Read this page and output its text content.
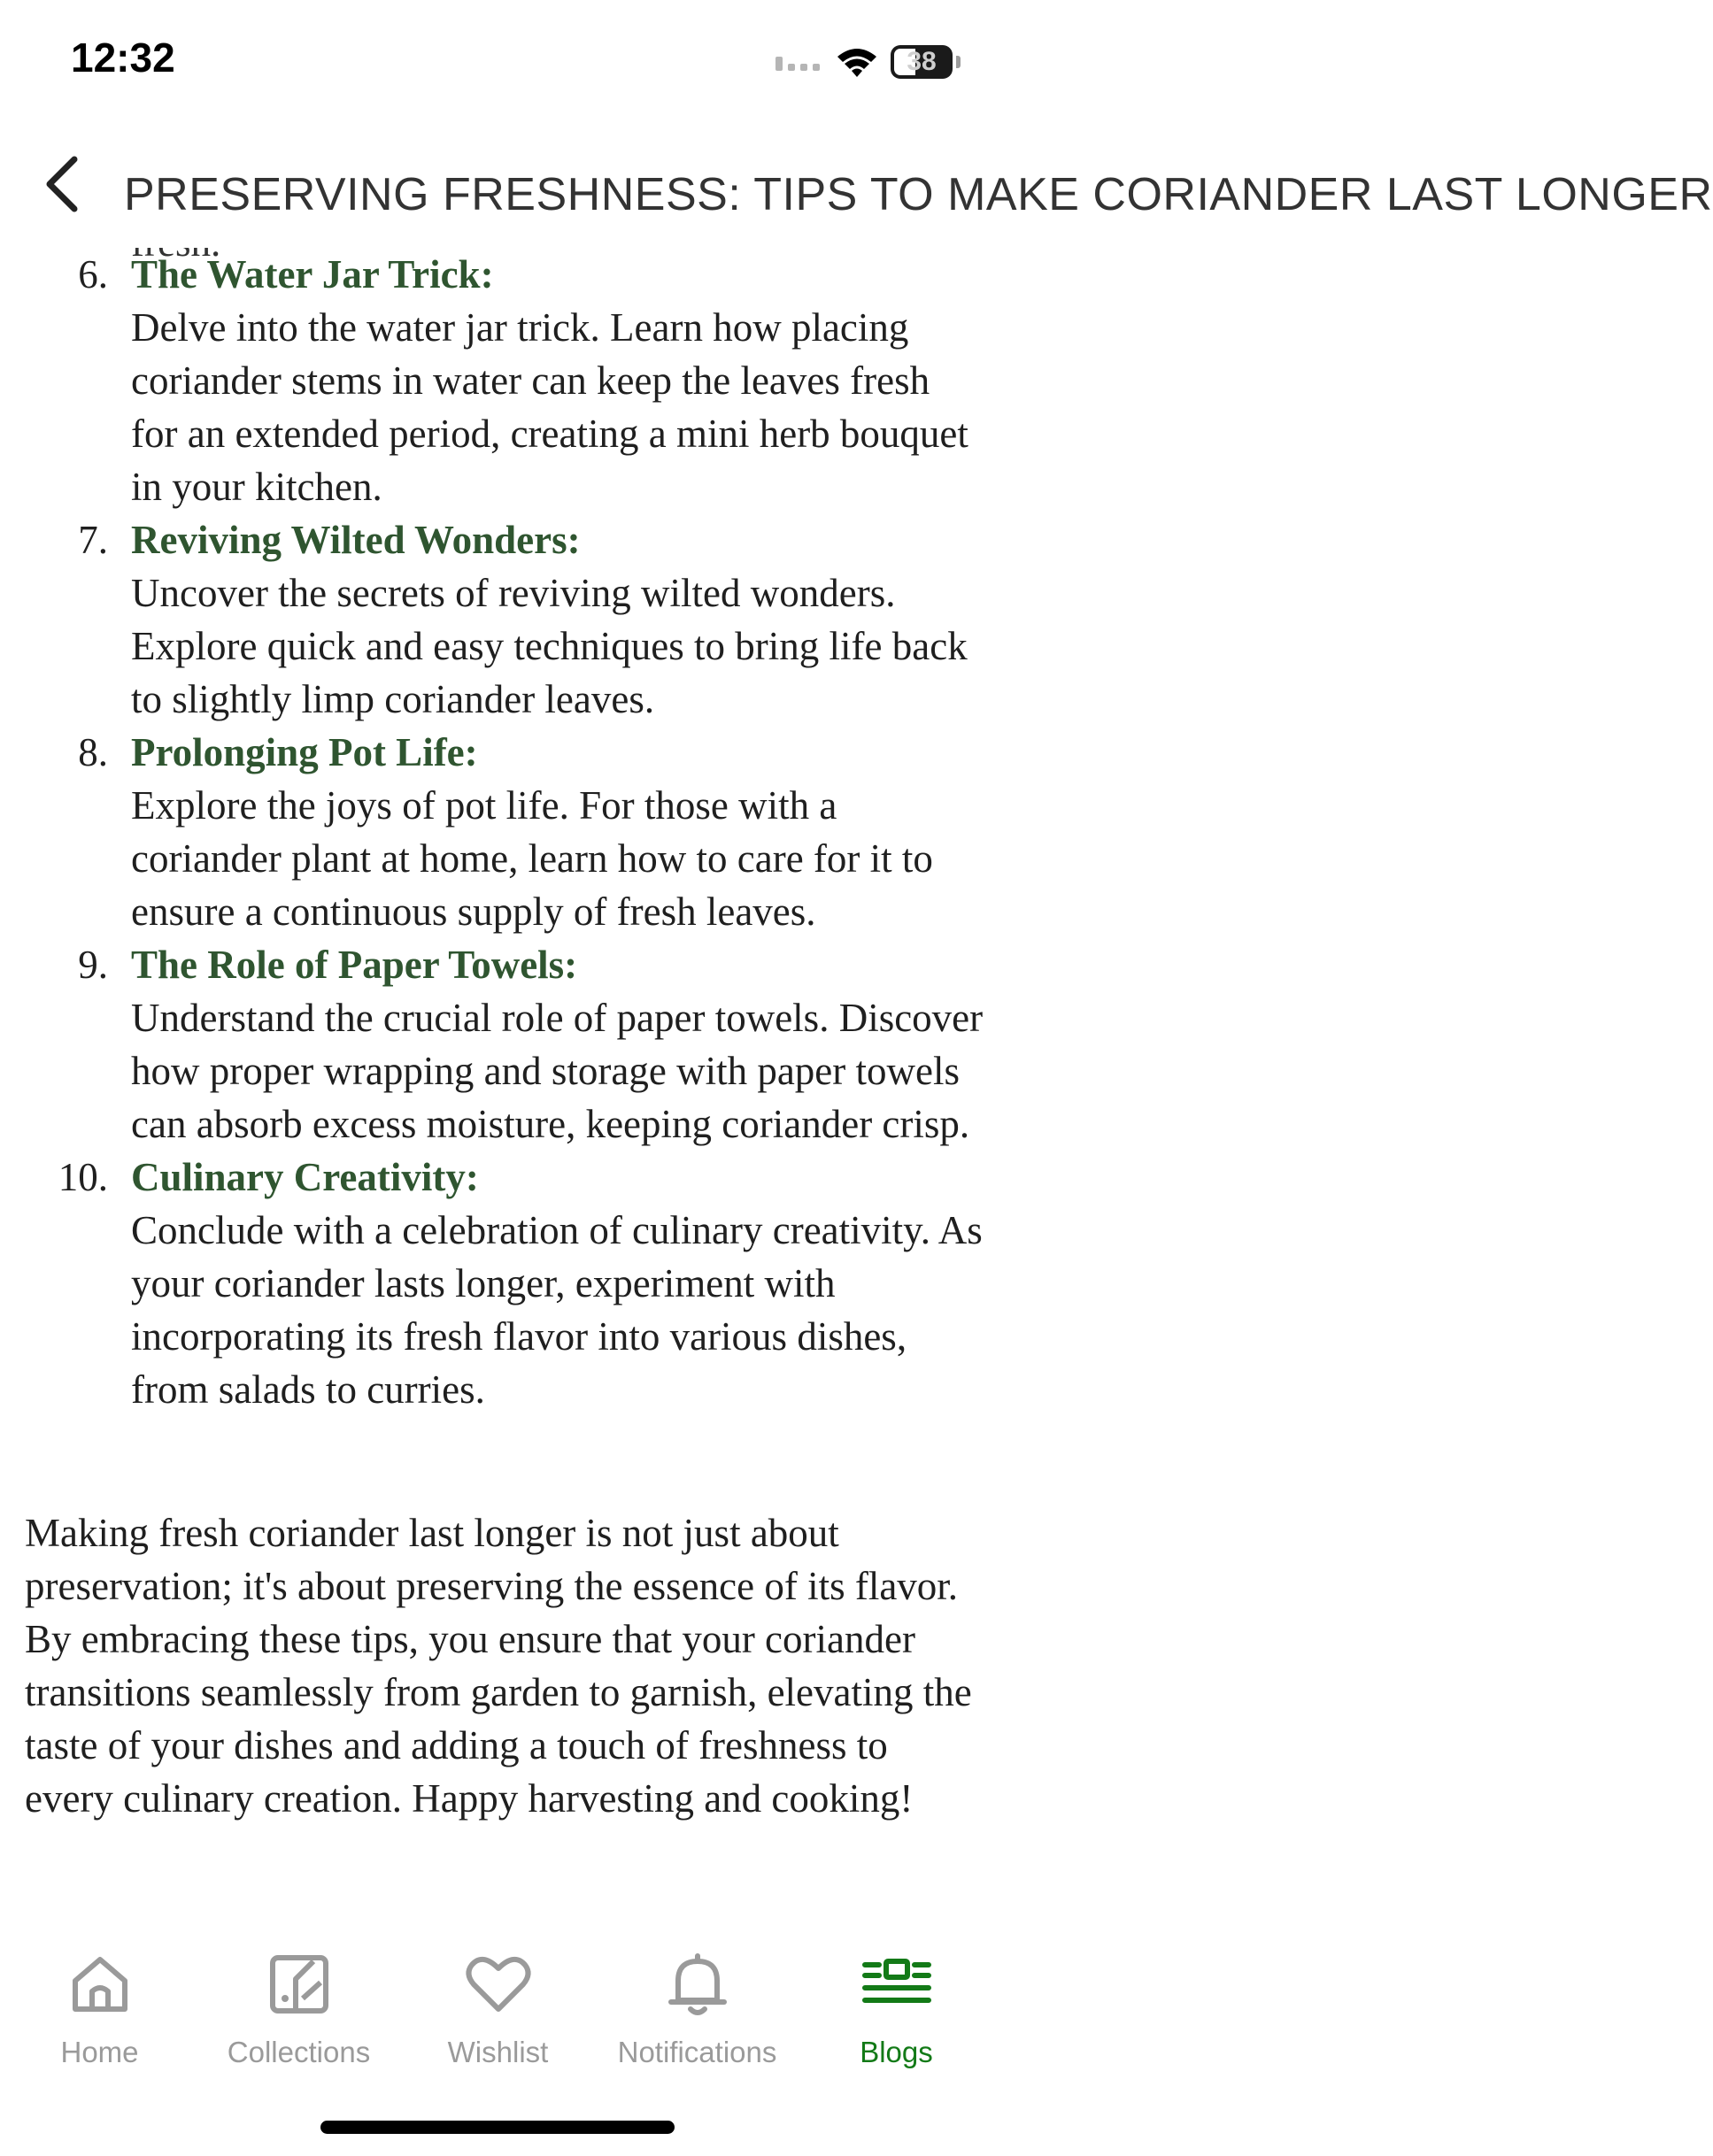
12:32	38
PRESERVING FRESHNESS: TIPS TO MAKE CORIANDER LAST LONGER
6. The Water Jar Trick:
Delve into the water jar trick. Learn how placing coriander stems in water can keep the leaves fresh for an extended period, creating a mini herb bouquet in your kitchen.
7. Reviving Wilted Wonders:
Uncover the secrets of reviving wilted wonders. Explore quick and easy techniques to bring life back to slightly limp coriander leaves.
8. Prolonging Pot Life:
Explore the joys of pot life. For those with a coriander plant at home, learn how to care for it to ensure a continuous supply of fresh leaves.
9. The Role of Paper Towels:
Understand the crucial role of paper towels. Discover how proper wrapping and storage with paper towels can absorb excess moisture, keeping coriander crisp.
10. Culinary Creativity:
Conclude with a celebration of culinary creativity. As your coriander lasts longer, experiment with incorporating its fresh flavor into various dishes, from salads to curries.

Making fresh coriander last longer is not just about preservation; it's about preserving the essence of its flavor. By embracing these tips, you ensure that your coriander transitions seamlessly from garden to garnish, elevating the taste of your dishes and adding a touch of freshness to every culinary creation. Happy harvesting and cooking!

Home	Collections	Wishlist Notifications	Blogs
